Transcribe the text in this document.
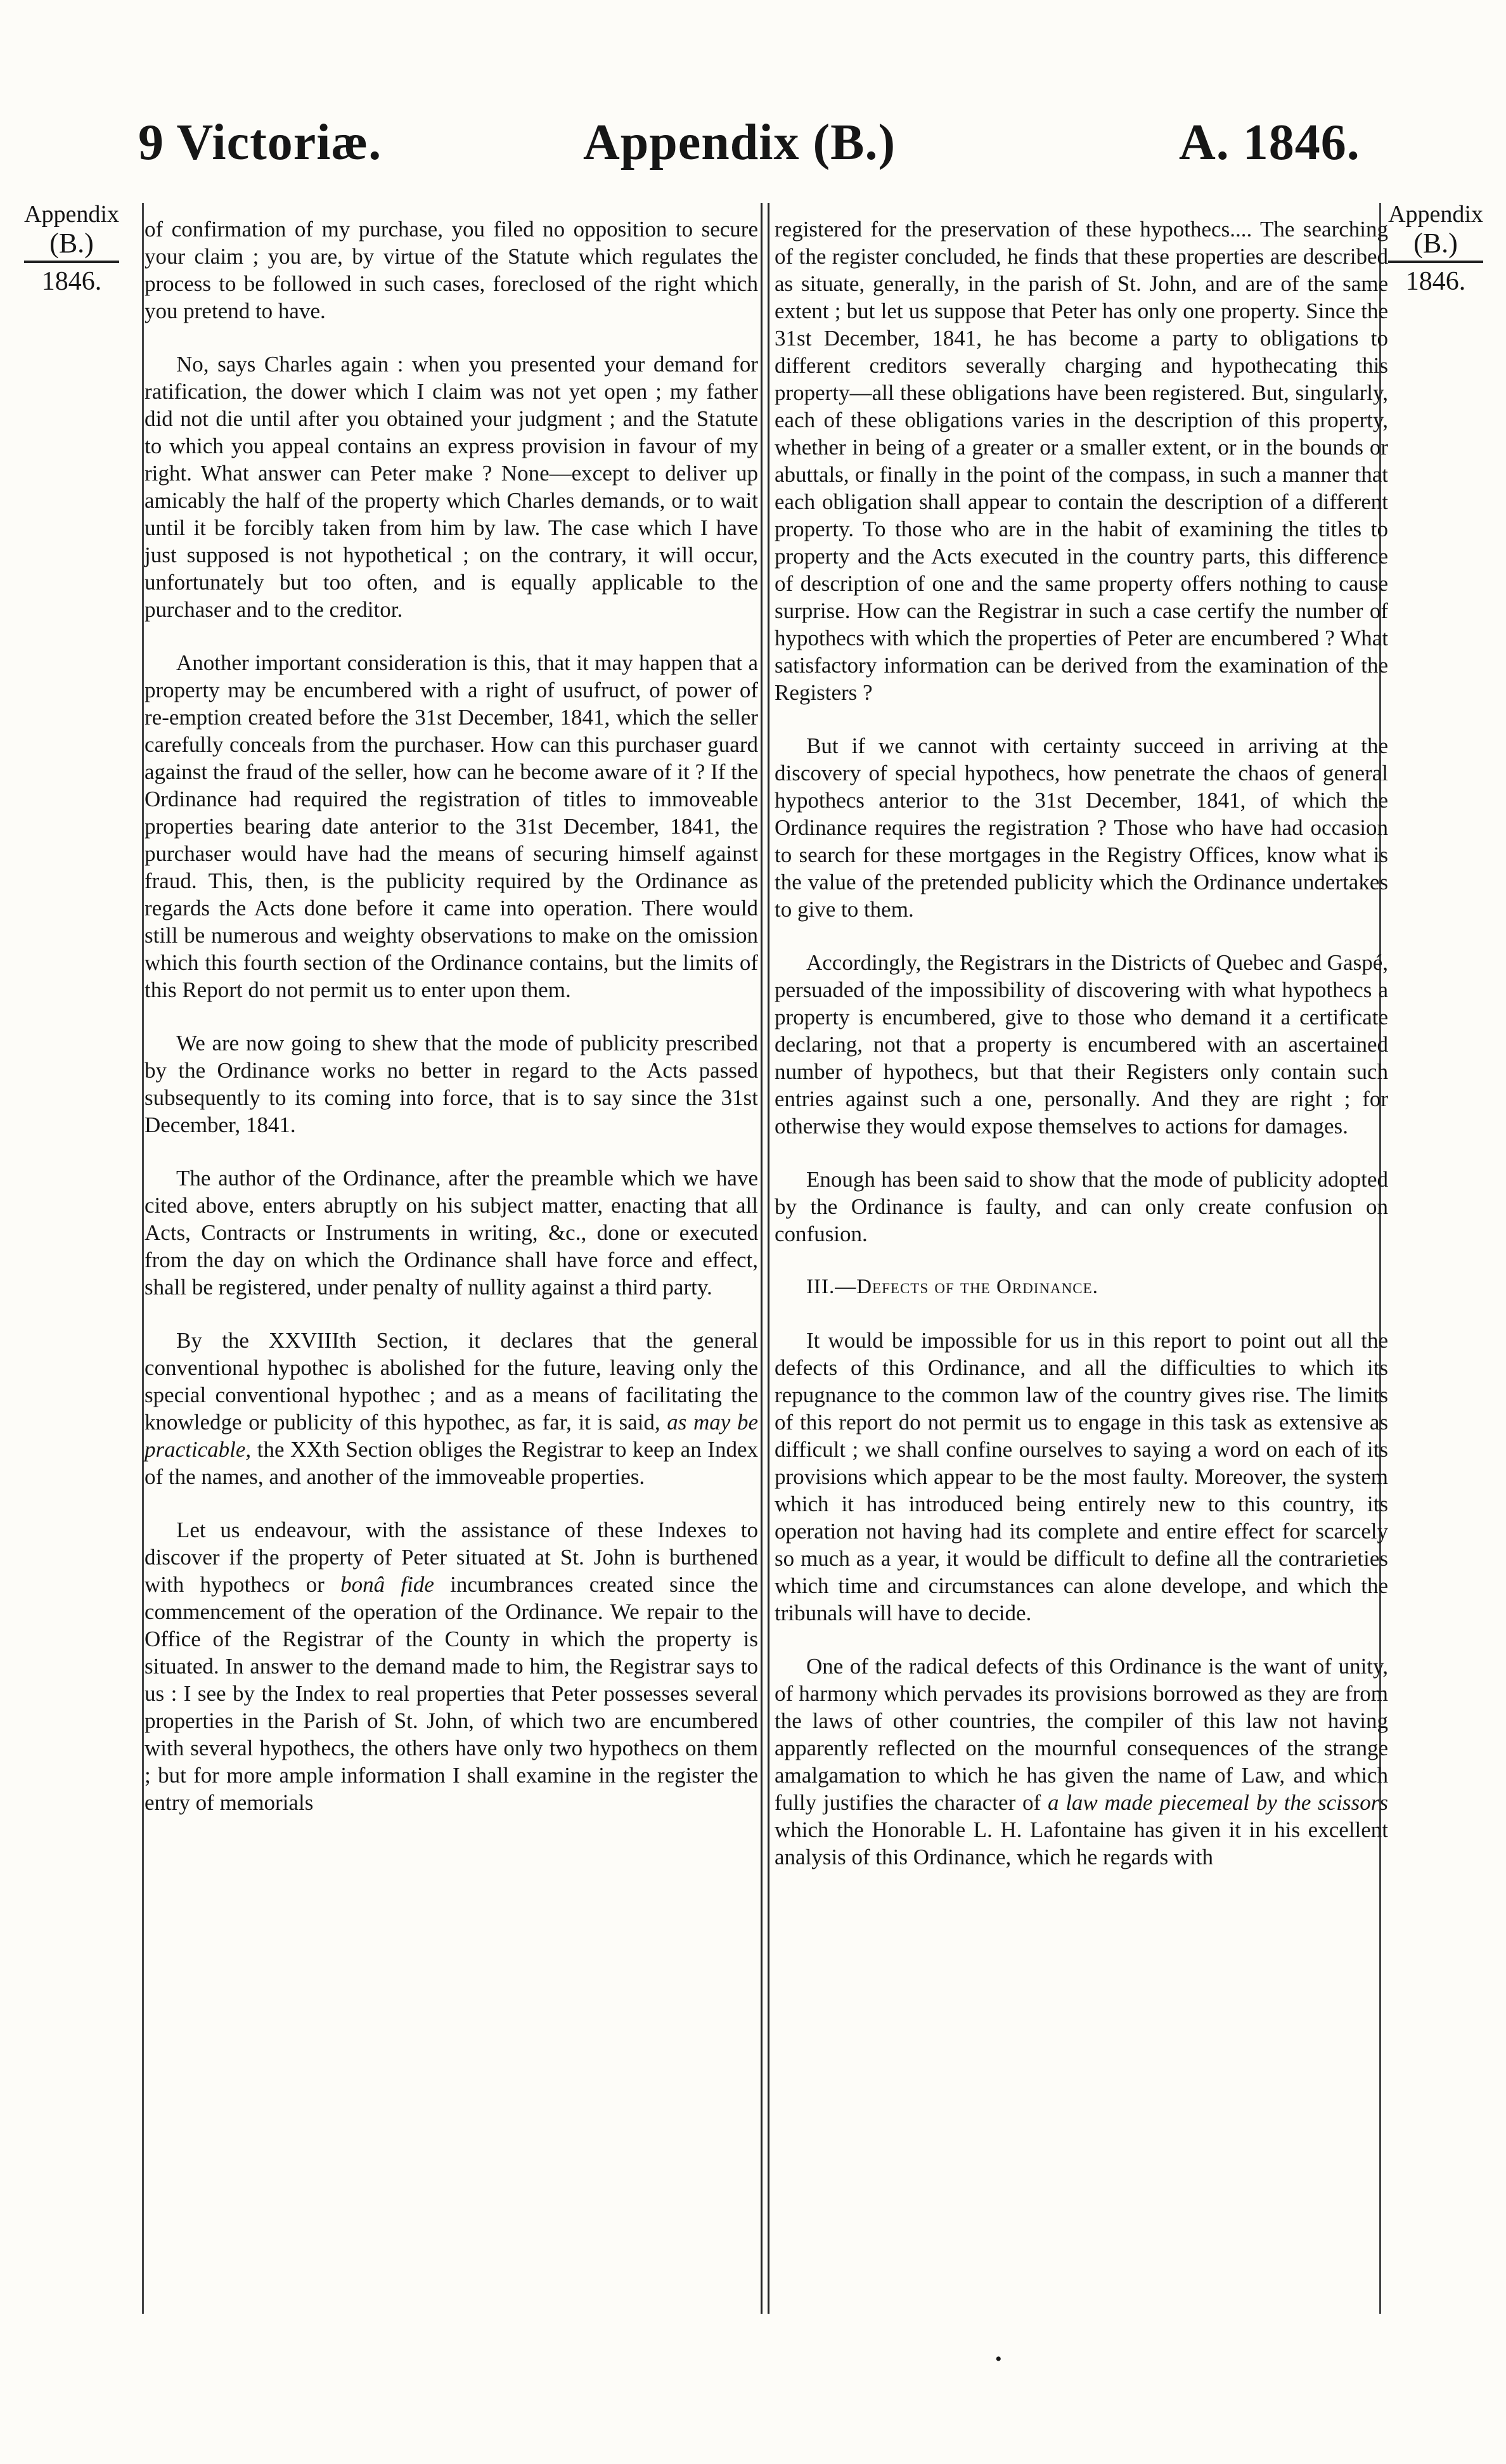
9 Victoriæ.	Appendix (B.)	A. 1846.
Appendix
(B.)
1846.
Appendix
(B.)
1846.

of confirmation of my purchase, you filed no opposition to secure your claim ; you are, by virtue of the Statute which regulates the process to be followed in such cases, foreclosed of the right which you pretend to have.

No, says Charles again : when you presented your demand for ratification, the dower which I claim was not yet open ; my father did not die until after you obtained your judgment ; and the Statute to which you appeal contains an express provision in favour of my right. What answer can Peter make ? None—except to deliver up amicably the half of the property which Charles demands, or to wait until it be forcibly taken from him by law. The case which I have just supposed is not hypothetical ; on the contrary, it will occur, unfortunately but too often, and is equally applicable to the purchaser and to the creditor.

Another important consideration is this, that it may happen that a property may be encumbered with a right of usufruct, of power of re-emption created before the 31st December, 1841, which the seller carefully conceals from the purchaser. How can this purchaser guard against the fraud of the seller, how can he become aware of it ? If the Ordinance had required the registration of titles to immoveable properties bearing date anterior to the 31st December, 1841, the purchaser would have had the means of securing himself against fraud. This, then, is the publicity required by the Ordinance as regards the Acts done before it came into operation. There would still be numerous and weighty observations to make on the omission which this fourth section of the Ordinance contains, but the limits of this Report do not permit us to enter upon them.

We are now going to shew that the mode of publicity prescribed by the Ordinance works no better in regard to the Acts passed subsequently to its coming into force, that is to say since the 31st December, 1841.

The author of the Ordinance, after the preamble which we have cited above, enters abruptly on his subject matter, enacting that all Acts, Contracts or Instruments in writing, &c., done or executed from the day on which the Ordinance shall have force and effect, shall be registered, under penalty of nullity against a third party.

By the XXVIIIth Section, it declares that the general conventional hypothec is abolished for the future, leaving only the special conventional hypothec ; and as a means of facilitating the knowledge or publicity of this hypothec, as far, it is said, as may be practicable, the XXth Section obliges the Registrar to keep an Index of the names, and another of the immoveable properties.

Let us endeavour, with the assistance of these Indexes to discover if the property of Peter situated at St. John is burthened with hypothecs or bonâ fide incumbrances created since the commencement of the operation of the Ordinance. We repair to the Office of the Registrar of the County in which the property is situated. In answer to the demand made to him, the Registrar says to us : I see by the Index to real properties that Peter possesses several properties in the Parish of St. John, of which two are encumbered with several hypothecs, the others have only two hypothecs on them ; but for more ample information I shall examine in the register the entry of memorials

registered for the preservation of these hypothecs.... The searching of the register concluded, he finds that these properties are described as situate, generally, in the parish of St. John, and are of the same extent ; but let us suppose that Peter has only one property. Since the 31st December, 1841, he has become a party to obligations to different creditors severally charging and hypothecating this property—all these obligations have been registered. But, singularly, each of these obligations varies in the description of this property, whether in being of a greater or a smaller extent, or in the bounds or abuttals, or finally in the point of the compass, in such a manner that each obligation shall appear to contain the description of a different property. To those who are in the habit of examining the titles to property and the Acts executed in the country parts, this difference of description of one and the same property offers nothing to cause surprise. How can the Registrar in such a case certify the number of hypothecs with which the properties of Peter are encumbered ? What satisfactory information can be derived from the examination of the Registers ?

But if we cannot with certainty succeed in arriving at the discovery of special hypothecs, how penetrate the chaos of general hypothecs anterior to the 31st December, 1841, of which the Ordinance requires the registration ? Those who have had occasion to search for these mortgages in the Registry Offices, know what is the value of the pretended publicity which the Ordinance undertakes to give to them.

Accordingly, the Registrars in the Districts of Quebec and Gaspé, persuaded of the impossibility of discovering with what hypothecs a property is encumbered, give to those who demand it a certificate declaring, not that a property is encumbered with an ascertained number of hypothecs, but that their Registers only contain such entries against such a one, personally. And they are right ; for otherwise they would expose themselves to actions for damages.

Enough has been said to show that the mode of publicity adopted by the Ordinance is faulty, and can only create confusion on confusion.

III.—Defects of the Ordinance.

It would be impossible for us in this report to point out all the defects of this Ordinance, and all the difficulties to which its repugnance to the common law of the country gives rise. The limits of this report do not permit us to engage in this task as extensive as difficult ; we shall confine ourselves to saying a word on each of its provisions which appear to be the most faulty. Moreover, the system which it has introduced being entirely new to this country, its operation not having had its complete and entire effect for scarcely so much as a year, it would be difficult to define all the contrarieties which time and circumstances can alone develope, and which the tribunals will have to decide.

One of the radical defects of this Ordinance is the want of unity, of harmony which pervades its provisions borrowed as they are from the laws of other countries, the compiler of this law not having apparently reflected on the mournful consequences of the strange amalgamation to which he has given the name of Law, and which fully justifies the character of a law made piecemeal by the scissors which the Honorable L. H. Lafontaine has given it in his excellent analysis of this Ordinance, which he regards with

•
